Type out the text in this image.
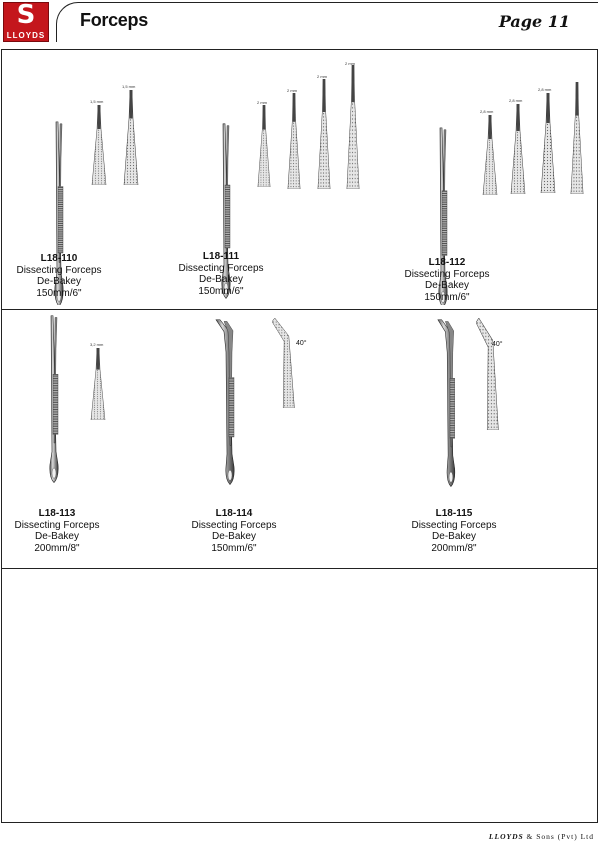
S
LLOYDS
Forceps	Page 11
1,5 mm
1,5 mm
L18-110
Dissecting Forceps
De-Bakey
150mm/6"
2 mm
2 mm
2 mm
2 mm
L18-111
Dissecting Forceps
De-Bakey
150mm/6"
2,8 mm
2,8 mm
2,8 mm
L18-112
Dissecting Forceps
De-Bakey
150mm/6"
3,2 mm
L18-113
Dissecting Forceps
De-Bakey
200mm/8"
40°
L18-114
Dissecting Forceps
De-Bakey
150mm/6"
40°
L18-115
Dissecting Forceps
De-Bakey
200mm/8"
LLOYDS & Sons (Pvt) Ltd
